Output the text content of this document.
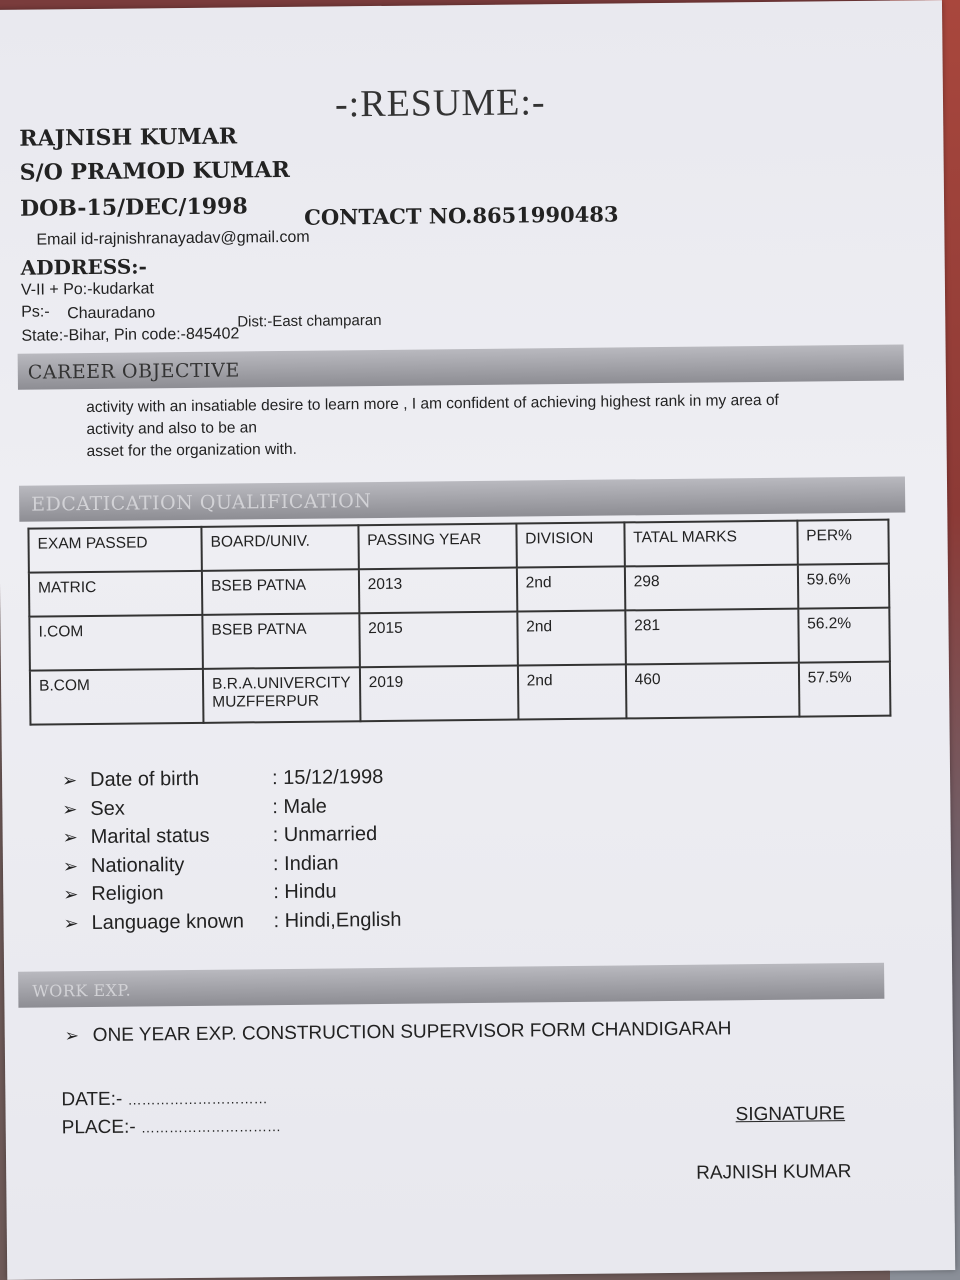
-:RESUME:-
RAJNISH KUMAR
S/O PRAMOD KUMAR
DOB-15/DEC/1998	CONTACT NO.8651990483
Email id-rajnishranayadav@gmail.com
ADDRESS:-
V-II + Po:-kudarkat
Ps:- Chauradano	Dist:-East champaran
State:-Bihar, Pin code:-845402
CAREER OBJECTIVE
activity with an insatiable desire to learn more , I am confident of achieving highest rank in my area of
activity and also to be an
asset for the organization with.
EDCATICATION QUALIFICATION
EXAM PASSED	BOARD/UNIV.	PASSING YEAR	DIVISION	TATAL MARKS	PER%
MATRIC	BSEB PATNA	2013	2nd	298	59.6%
I.COM	BSEB PATNA	2015	2nd	281	56.2%
B.COM	B.R.A.UNIVERCITY
MUZFFERPUR	2019	2nd	460	57.5%
➢ Date of birth	: 15/12/1998
➢ Sex	: Male
➢ Marital status	: Unmarried
➢ Nationality	: Indian
➢ Religion	: Hindu
➢ Language known : Hindi,English
WORK EXP.
➢ ONE YEAR EXP. CONSTRUCTION SUPERVISOR FORM CHANDIGARAH
DATE:- …………………………
PLACE:- …………………………
SIGNATURE
RAJNISH KUMAR
